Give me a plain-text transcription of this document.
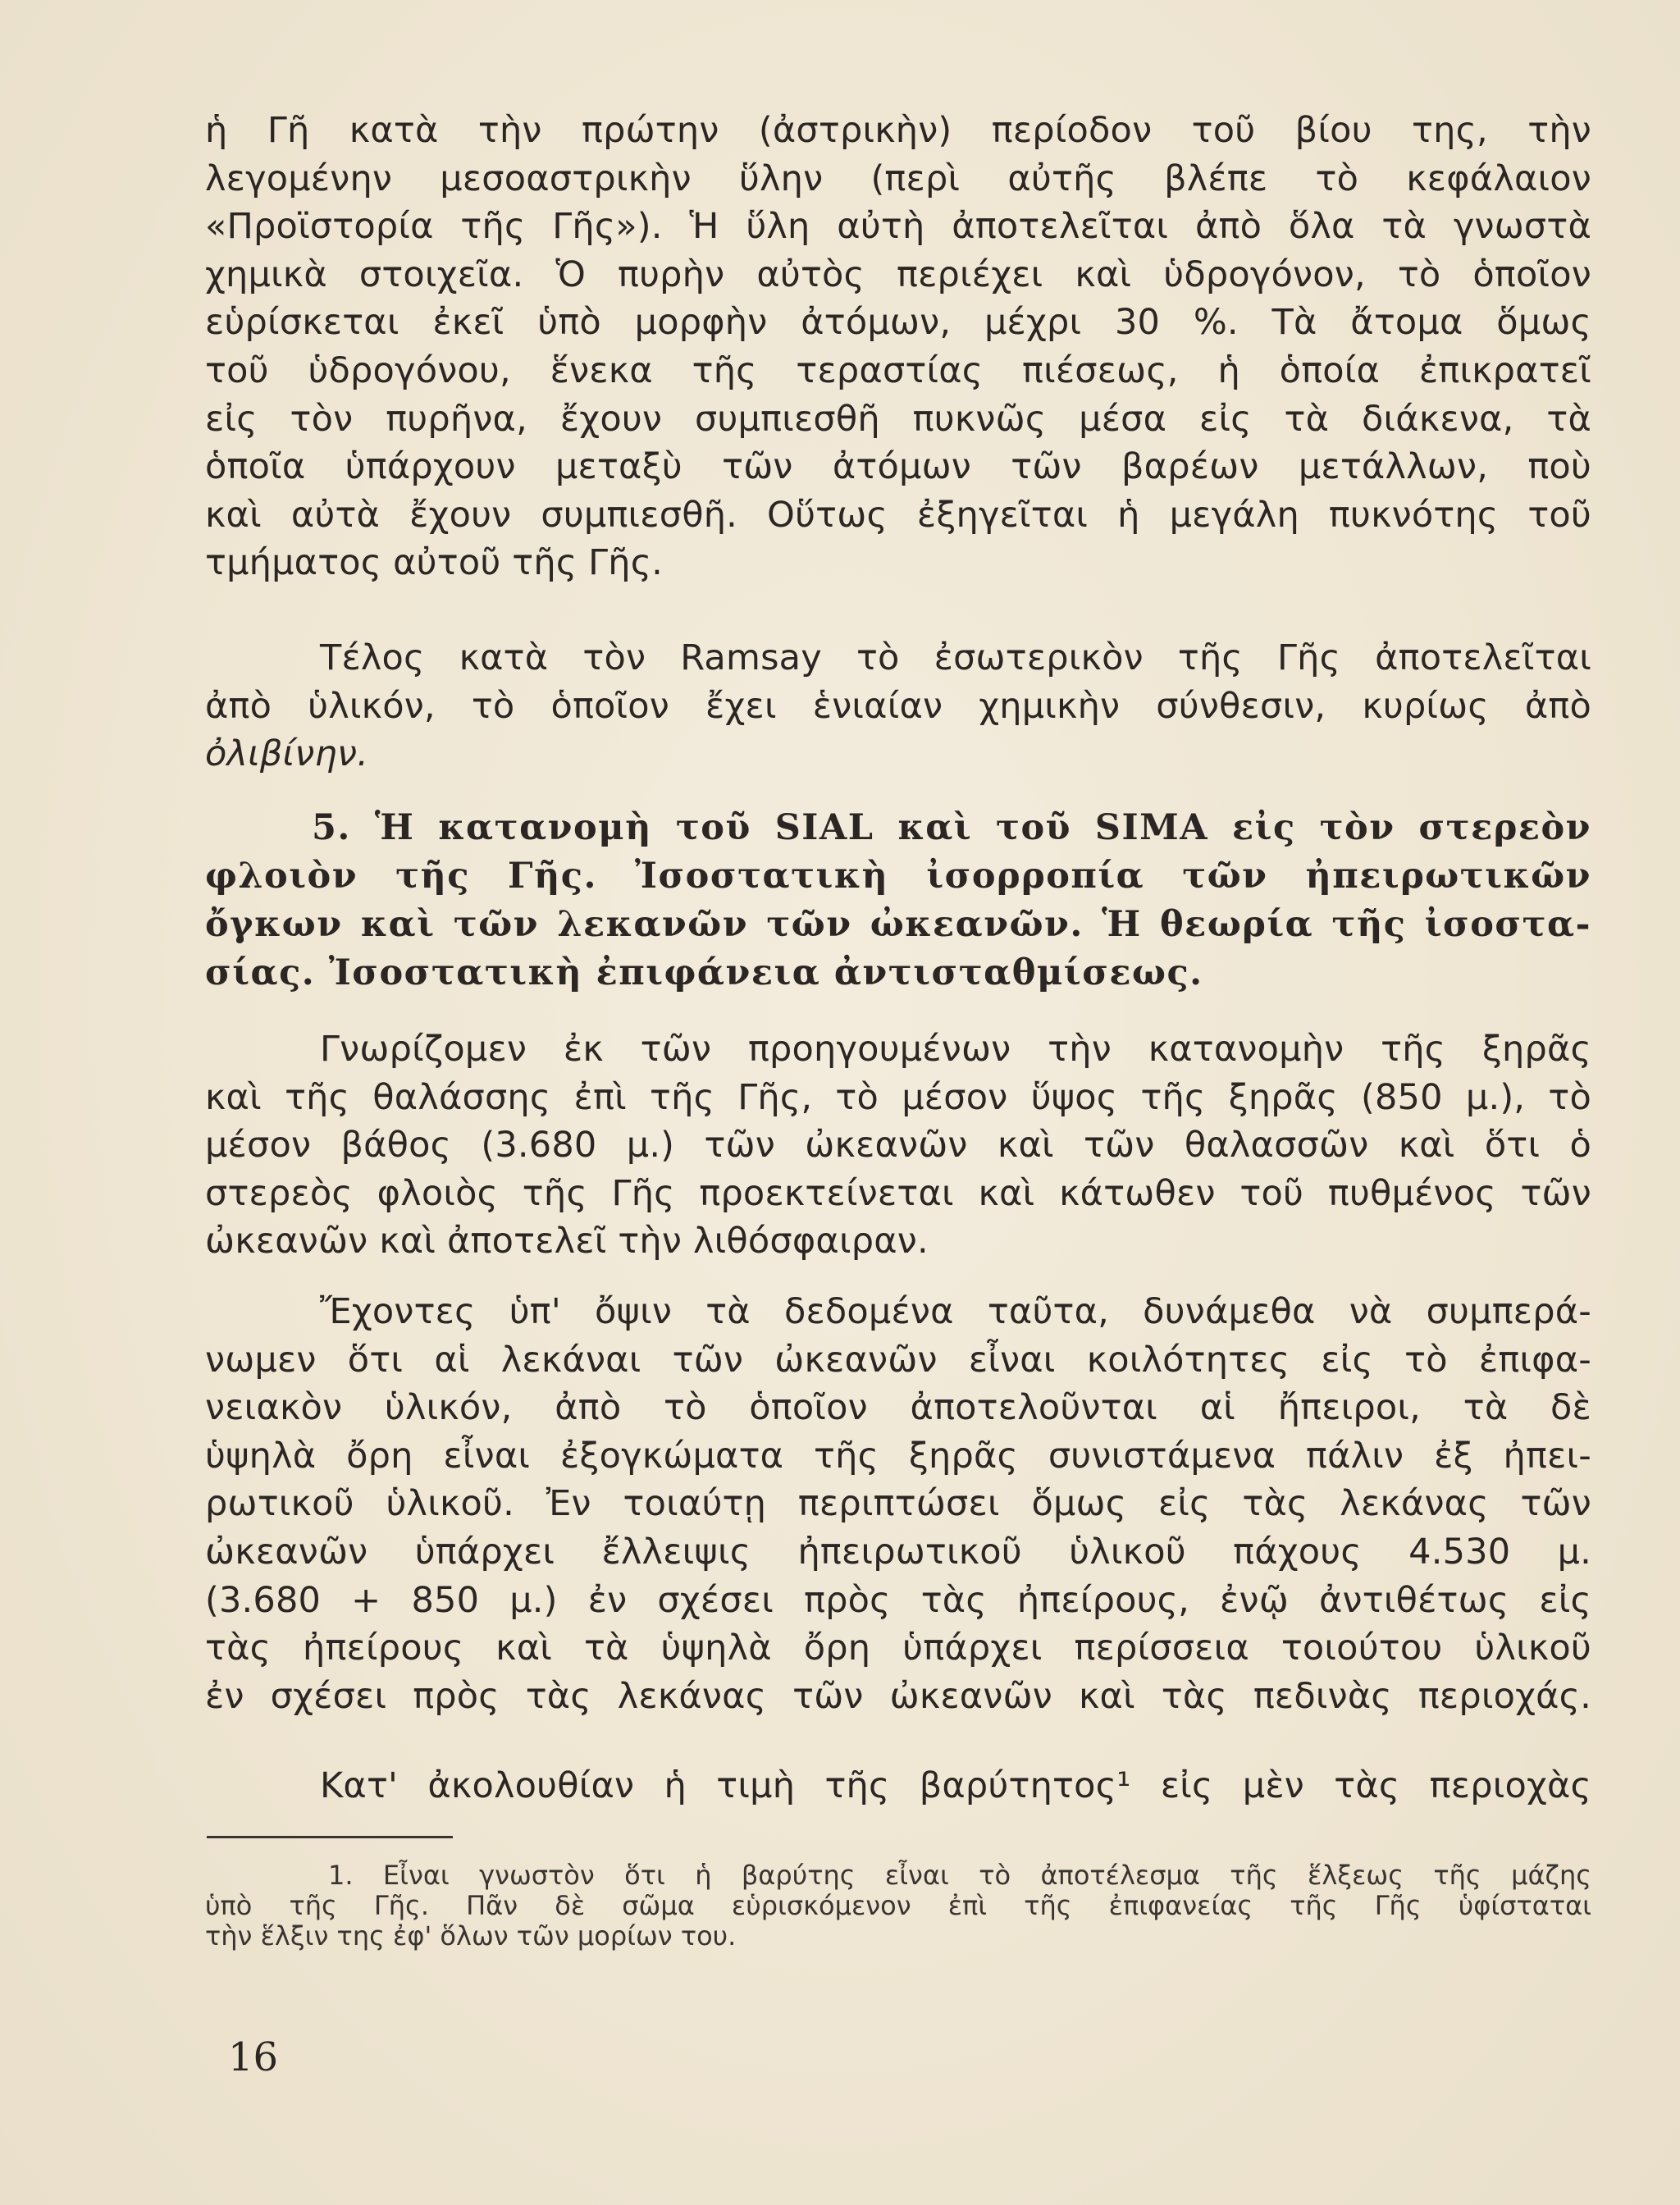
ἡ Γῆ κατὰ τὴν πρώτην (ἀστρικὴν) περίοδον τοῦ βίου της, τὴν
λεγομένην μεσοαστρικὴν ὕλην (περὶ αὐτῆς βλέπε τὸ κεφάλαιον
«Προϊστορία τῆς Γῆς»). Ἡ ὕλη αὐτὴ ἀποτελεῖται ἀπὸ ὅλα τὰ γνωστὰ
χημικὰ στοιχεῖα. Ὁ πυρὴν αὐτὸς περιέχει καὶ ὑδρογόνον, τὸ ὁποῖον
εὑρίσκεται ἐκεῖ ὑπὸ μορφὴν ἀτόμων, μέχρι 30 %. Τὰ ἄτομα ὅμως
τοῦ ὑδρογόνου, ἕνεκα τῆς τεραστίας πιέσεως, ἡ ὁποία ἐπικρατεῖ
εἰς τὸν πυρῆνα, ἔχουν συμπιεσθῆ πυκνῶς μέσα εἰς τὰ διάκενα, τὰ
ὁποῖα ὑπάρχουν μεταξὺ τῶν ἀτόμων τῶν βαρέων μετάλλων, ποὺ
καὶ αὐτὰ ἔχουν συμπιεσθῆ. Οὕτως ἐξηγεῖται ἡ μεγάλη πυκνότης τοῦ
τμήματος αὐτοῦ τῆς Γῆς.
Τέλος κατὰ τὸν Ramsay τὸ ἐσωτερικὸν τῆς Γῆς ἀποτελεῖται
ἀπὸ ὑλικόν, τὸ ὁποῖον ἔχει ἑνιαίαν χημικὴν σύνθεσιν, κυρίως ἀπὸ
ὀλιβίνην.
5. Ἡ κατανομὴ τοῦ SIAL καὶ τοῦ SIMA εἰς τὸν στερεὸν
φλοιὸν τῆς Γῆς. Ἰσοστατικὴ ἰσορροπία τῶν ἠπειρωτικῶν
ὄγκων καὶ τῶν λεκανῶν τῶν ὠκεανῶν. Ἡ θεωρία τῆς ἰσοστα-
σίας. Ἰσοστατικὴ ἐπιφάνεια ἀντισταθμίσεως.
Γνωρίζομεν ἐκ τῶν προηγουμένων τὴν κατανομὴν τῆς ξηρᾶς
καὶ τῆς θαλάσσης ἐπὶ τῆς Γῆς, τὸ μέσον ὕψος τῆς ξηρᾶς (850 μ.), τὸ
μέσον βάθος (3.680 μ.) τῶν ὠκεανῶν καὶ τῶν θαλασσῶν καὶ ὅτι ὁ
στερεὸς φλοιὸς τῆς Γῆς προεκτείνεται καὶ κάτωθεν τοῦ πυθμένος τῶν
ὠκεανῶν καὶ ἀποτελεῖ τὴν λιθόσφαιραν.
Ἔχοντες ὑπ' ὄψιν τὰ δεδομένα ταῦτα, δυνάμεθα νὰ συμπερά-
νωμεν ὅτι αἱ λεκάναι τῶν ὠκεανῶν εἶναι κοιλότητες εἰς τὸ ἐπιφα-
νειακὸν ὑλικόν, ἀπὸ τὸ ὁποῖον ἀποτελοῦνται αἱ ἤπειροι, τὰ δὲ
ὑψηλὰ ὄρη εἶναι ἐξογκώματα τῆς ξηρᾶς συνιστάμενα πάλιν ἐξ ἠπει-
ρωτικοῦ ὑλικοῦ. Ἐν τοιαύτῃ περιπτώσει ὅμως εἰς τὰς λεκάνας τῶν
ὠκεανῶν ὑπάρχει ἔλλειψις ἠπειρωτικοῦ ὑλικοῦ πάχους 4.530 μ.
(3.680 + 850 μ.) ἐν σχέσει πρὸς τὰς ἠπείρους, ἐνῷ ἀντιθέτως εἰς
τὰς ἠπείρους καὶ τὰ ὑψηλὰ ὄρη ὑπάρχει περίσσεια τοιούτου ὑλικοῦ
ἐν σχέσει πρὸς τὰς λεκάνας τῶν ὠκεανῶν καὶ τὰς πεδινὰς περιοχάς.
Κατ' ἀκολουθίαν ἡ τιμὴ τῆς βαρύτητος¹ εἰς μὲν τὰς περιοχὰς
1. Εἶναι γνωστὸν ὅτι ἡ βαρύτης εἶναι τὸ ἀποτέλεσμα τῆς ἕλξεως τῆς μάζης
ὑπὸ τῆς Γῆς. Πᾶν δὲ σῶμα εὑρισκόμενον ἐπὶ τῆς ἐπιφανείας τῆς Γῆς ὑφίσταται
τὴν ἕλξιν της ἐφ' ὅλων τῶν μορίων του.
16
